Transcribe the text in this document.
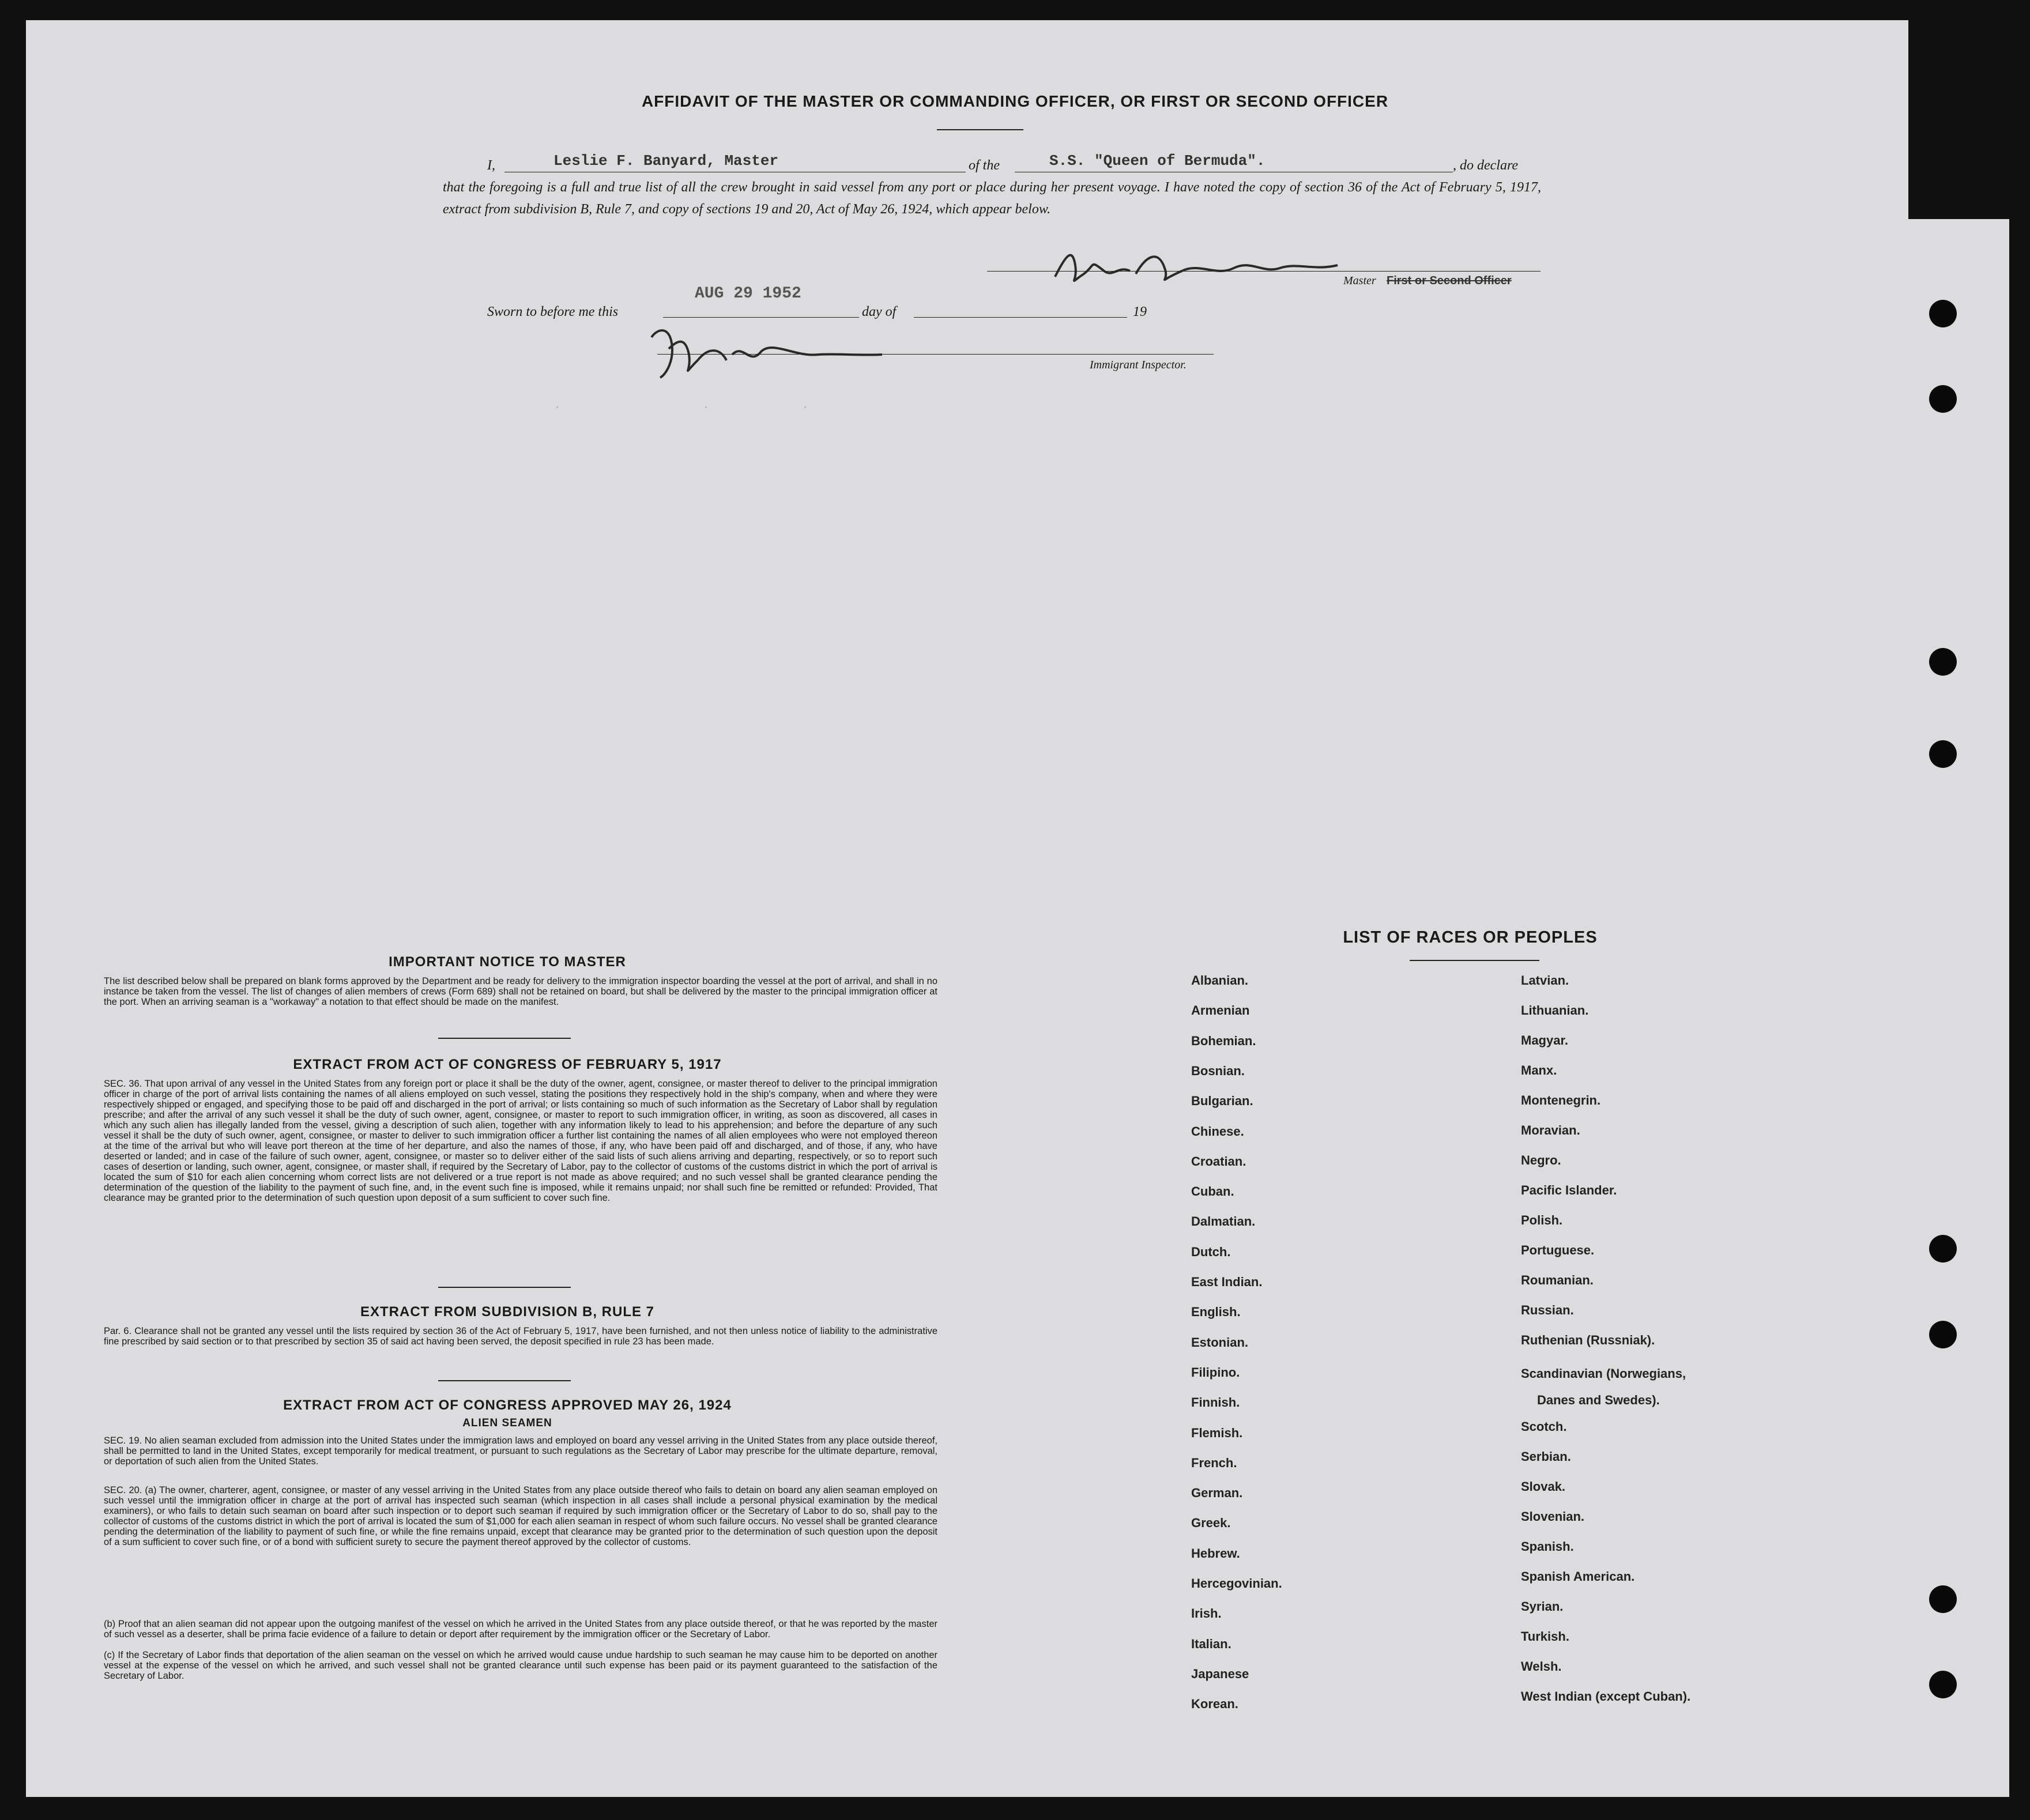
.              .         .
AFFIDAVIT OF THE MASTER OR COMMANDING OFFICER, OR FIRST OR SECOND OFFICER
I,	Leslie F. Banyard, Master	of the	S.S. "Queen of Bermuda".	, do declare
that the foregoing is a full and true list of all the crew brought in said vessel from any port or place during her present voyage. I have noted the copy of section 36 of the Act of February 5, 1917, extract from subdivision B, Rule 7, and copy of sections 19 and 20, Act of May 26, 1924, which appear below.
Master First or Second Officer
Sworn to before me this
AUG 29 1952
day of	19
Immigrant Inspector.
IMPORTANT NOTICE TO MASTER
The list described below shall be prepared on blank forms approved by the Department and be ready for delivery to the immigration inspector boarding the vessel at the port of arrival, and shall in no instance be taken from the vessel. The list of changes of alien members of crews (Form 689) shall not be retained on board, but shall be delivered by the master to the principal immigration officer at the port. When an arriving seaman is a "workaway" a notation to that effect should be made on the manifest.
EXTRACT FROM ACT OF CONGRESS OF FEBRUARY 5, 1917
SEC. 36. That upon arrival of any vessel in the United States from any foreign port or place it shall be the duty of the owner, agent, consignee, or master thereof to deliver to the principal immigration officer in charge of the port of arrival lists containing the names of all aliens employed on such vessel, stating the positions they respectively hold in the ship's company, when and where they were respectively shipped or engaged, and specifying those to be paid off and discharged in the port of arrival; or lists containing so much of such information as the Secretary of Labor shall by regulation prescribe; and after the arrival of any such vessel it shall be the duty of such owner, agent, consignee, or master to report to such immigration officer, in writing, as soon as discovered, all cases in which any such alien has illegally landed from the vessel, giving a description of such alien, together with any information likely to lead to his apprehension; and before the departure of any such vessel it shall be the duty of such owner, agent, consignee, or master to deliver to such immigration officer a further list containing the names of all alien employees who were not employed thereon at the time of the arrival but who will leave port thereon at the time of her departure, and also the names of those, if any, who have been paid off and discharged, and of those, if any, who have deserted or landed; and in case of the failure of such owner, agent, consignee, or master so to deliver either of the said lists of such aliens arriving and departing, respectively, or so to report such cases of desertion or landing, such owner, agent, consignee, or master shall, if required by the Secretary of Labor, pay to the collector of customs of the customs district in which the port of arrival is located the sum of $10 for each alien concerning whom correct lists are not delivered or a true report is not made as above required; and no such vessel shall be granted clearance pending the determination of the question of the liability to the payment of such fine, and, in the event such fine is imposed, while it remains unpaid; nor shall such fine be remitted or refunded: Provided, That clearance may be granted prior to the determination of such question upon deposit of a sum sufficient to cover such fine.
EXTRACT FROM SUBDIVISION B, RULE 7
Par. 6. Clearance shall not be granted any vessel until the lists required by section 36 of the Act of February 5, 1917, have been furnished, and not then unless notice of liability to the administrative fine prescribed by said section or to that prescribed by section 35 of said act having been served, the deposit specified in rule 23 has been made.
EXTRACT FROM ACT OF CONGRESS APPROVED MAY 26, 1924
ALIEN SEAMEN
SEC. 19. No alien seaman excluded from admission into the United States under the immigration laws and employed on board any vessel arriving in the United States from any place outside thereof, shall be permitted to land in the United States, except temporarily for medical treatment, or pursuant to such regulations as the Secretary of Labor may prescribe for the ultimate departure, removal, or deportation of such alien from the United States.
SEC. 20. (a) The owner, charterer, agent, consignee, or master of any vessel arriving in the United States from any place outside thereof who fails to detain on board any alien seaman employed on such vessel until the immigration officer in charge at the port of arrival has inspected such seaman (which inspection in all cases shall include a personal physical examination by the medical examiners), or who fails to detain such seaman on board after such inspection or to deport such seaman if required by such immigration officer or the Secretary of Labor to do so, shall pay to the collector of customs of the customs district in which the port of arrival is located the sum of $1,000 for each alien seaman in respect of whom such failure occurs. No vessel shall be granted clearance pending the determination of the liability to payment of such fine, or while the fine remains unpaid, except that clearance may be granted prior to the determination of such question upon the deposit of a sum sufficient to cover such fine, or of a bond with sufficient surety to secure the payment thereof approved by the collector of customs.
(b) Proof that an alien seaman did not appear upon the outgoing manifest of the vessel on which he arrived in the United States from any place outside thereof, or that he was reported by the master of such vessel as a deserter, shall be prima facie evidence of a failure to detain or deport after requirement by the immigration officer or the Secretary of Labor.
(c) If the Secretary of Labor finds that deportation of the alien seaman on the vessel on which he arrived would cause undue hardship to such seaman he may cause him to be deported on another vessel at the expense of the vessel on which he arrived, and such vessel shall not be granted clearance until such expense has been paid or its payment guaranteed to the satisfaction of the Secretary of Labor.
LIST OF RACES OR PEOPLES
Albanian.
Armenian
Bohemian.
Bosnian.
Bulgarian.
Chinese.
Croatian.
Cuban.
Dalmatian.
Dutch.
East Indian.
English.
Estonian.
Filipino.
Finnish.
Flemish.
French.
German.
Greek.
Hebrew.
Hercegovinian.
Irish.
Italian.
Japanese
Korean.
Latvian.
Lithuanian.
Magyar.
Manx.
Montenegrin.
Moravian.
Negro.
Pacific Islander.
Polish.
Portuguese.
Roumanian.
Russian.
Ruthenian (Russniak).
Scandinavian (Norwegians,
Scotch.
Serbian.
Slovak.
Slovenian.
Spanish.
Spanish American.
Syrian.
Turkish.
Welsh.
West Indian (except Cuban).
Danes and Swedes).
